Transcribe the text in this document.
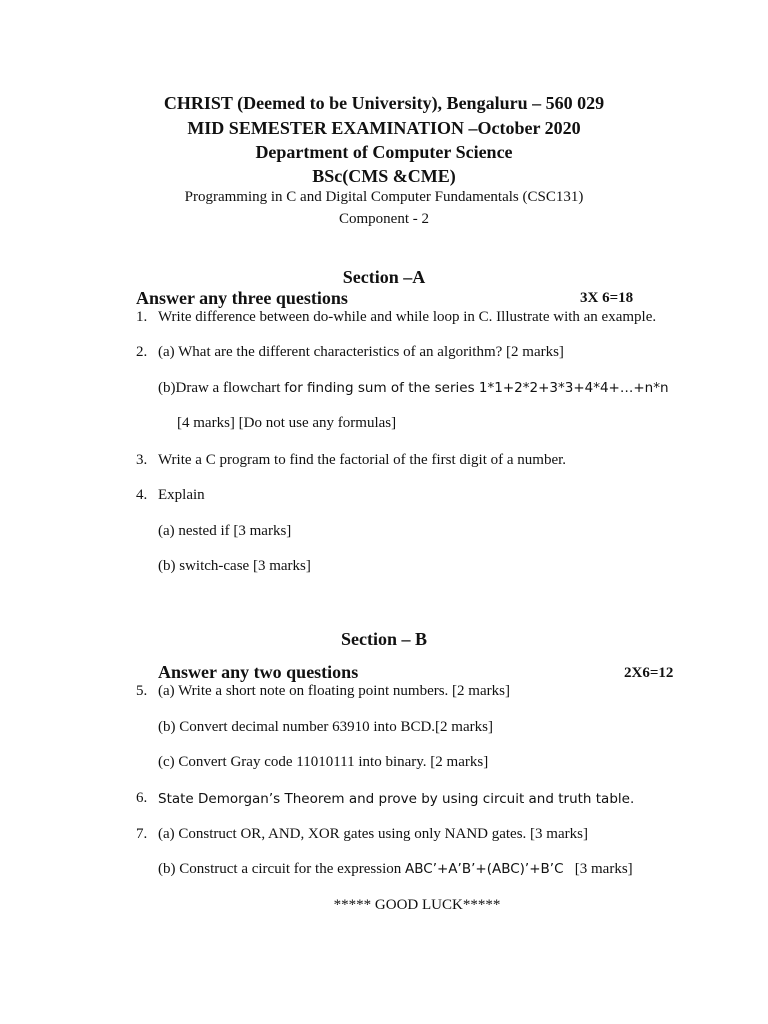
CHRIST (Deemed to be University), Bengaluru – 560 029
MID SEMESTER EXAMINATION –October 2020
Department of Computer Science
BSc(CMS &CME)
Programming in C and Digital Computer Fundamentals (CSC131)
Component - 2
Section –A
Answer any three questions	3X 6=18
1. Write difference between do-while and while loop in C. Illustrate with an example.
2. (a) What are the different characteristics of an algorithm? [2 marks]
(b)Draw a flowchart for finding sum of the series 1*1+2*2+3*3+4*4+…+n*n
[4 marks] [Do not use any formulas]
3. Write a C program to find the factorial of the first digit of a number.
4. Explain
(a) nested if [3 marks]
(b) switch-case [3 marks]
Section – B
Answer any two questions	2X6=12
5. (a) Write a short note on floating point numbers. [2 marks]
(b) Convert decimal number 63910 into BCD.[2 marks]
(c) Convert Gray code 11010111 into binary. [2 marks]
6. State Demorgan’s Theorem and prove by using circuit and truth table.
7. (a) Construct OR, AND, XOR gates using only NAND gates. [3 marks]
(b) Construct a circuit for the expression ABC’+A’B’+(ABC)’+B’C   [3 marks]
***** GOOD LUCK*****
